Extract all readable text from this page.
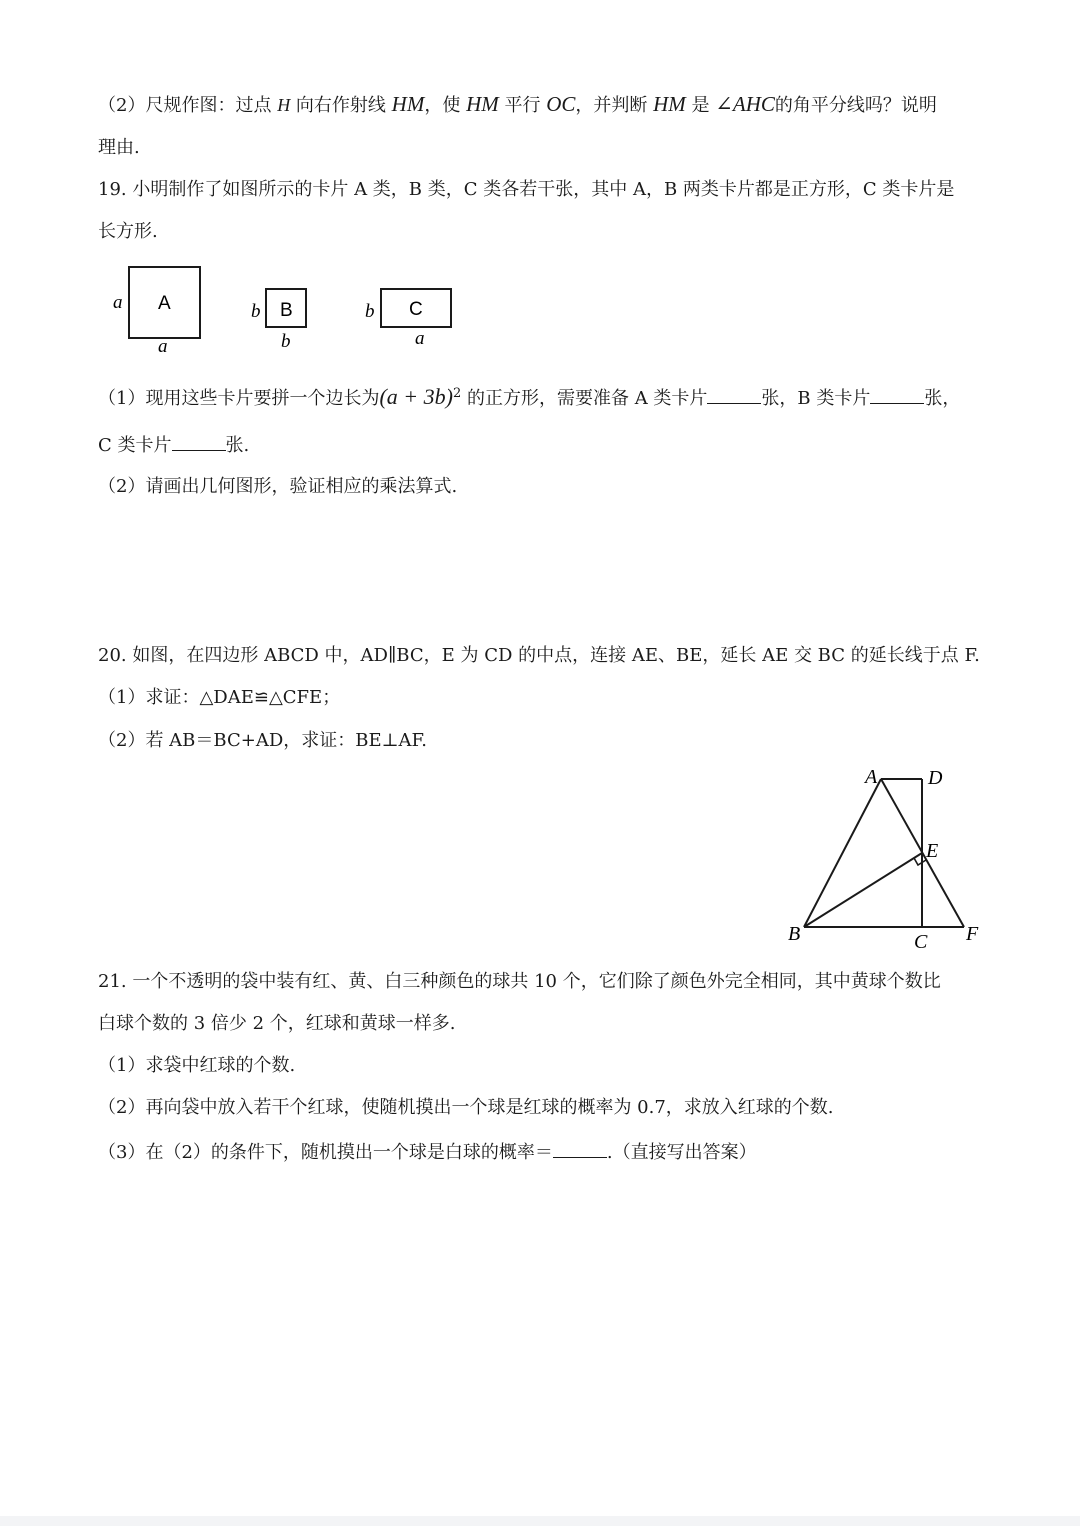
（2）尺规作图：过点 H 向右作射线 HM，使 HM 平行 OC，并判断 HM 是 ∠AHC的角平分线吗？说明
理由.
19. 小明制作了如图所示的卡片 A 类，B 类，C 类各若干张，其中 A，B 两类卡片都是正方形，C 类卡片是
长方形.
A
a
a
B
b
b
C
b
a
（1）现用这些卡片要拼一个边长为$(a + 3b)^2$ 的正方形，需要准备 A 类卡片	张，B 类卡片	张，
C 类卡片	张.
（2）请画出几何图形，验证相应的乘法算式.
20. 如图，在四边形 ABCD 中，AD∥BC，E 为 CD 的中点，连接 AE、BE，延长 AE 交 BC 的延长线于点 F.
（1）求证：△DAE≌△CFE；
（2）若 AB＝BC+AD，求证：BE⊥AF.
A	D
E
B	C F
21. 一个不透明的袋中装有红、黄、白三种颜色的球共 10 个，它们除了颜色外完全相同，其中黄球个数比
白球个数的 3 倍少 2 个，红球和黄球一样多.
（1）求袋中红球的个数.
（2）再向袋中放入若干个红球，使随机摸出一个球是红球的概率为 0.7，求放入红球的个数.
（3）在（2）的条件下，随机摸出一个球是白球的概率＝	.（直接写出答案）
